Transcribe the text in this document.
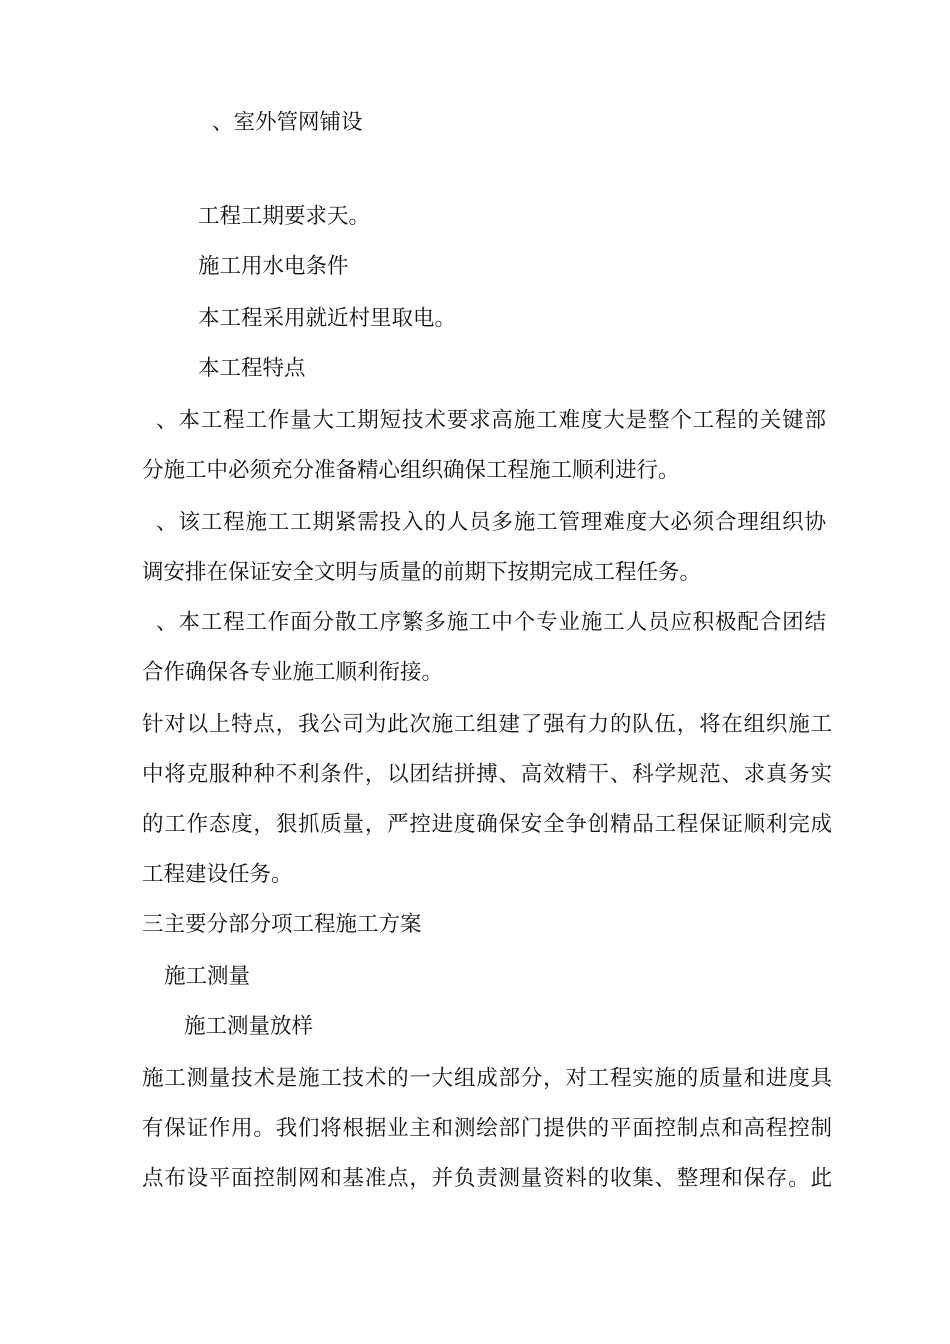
、室外管网铺设
工程工期要求天。
施工用水电条件
本工程采用就近村里取电。
本工程特点
、本工程工作量大工期短技术要求高施工难度大是整个工程的关键部
分施工中必须充分准备精心组织确保工程施工顺利进行。
、该工程施工工期紧需投入的人员多施工管理难度大必须合理组织协
调安排在保证安全文明与质量的前期下按期完成工程任务。
、本工程工作面分散工序繁多施工中个专业施工人员应积极配合团结
合作确保各专业施工顺利衔接。
针对以上特点，我公司为此次施工组建了强有力的队伍，将在组织施工
中将克服种种不利条件，以团结拼搏、高效精干、科学规范、求真务实
的工作态度，狠抓质量，严控进度确保安全争创精品工程保证顺利完成
工程建设任务。
三主要分部分项工程施工方案
施工测量
施工测量放样
施工测量技术是施工技术的一大组成部分，对工程实施的质量和进度具
有保证作用。我们将根据业主和测绘部门提供的平面控制点和高程控制
点布设平面控制网和基准点，并负责测量资料的收集、整理和保存。此
